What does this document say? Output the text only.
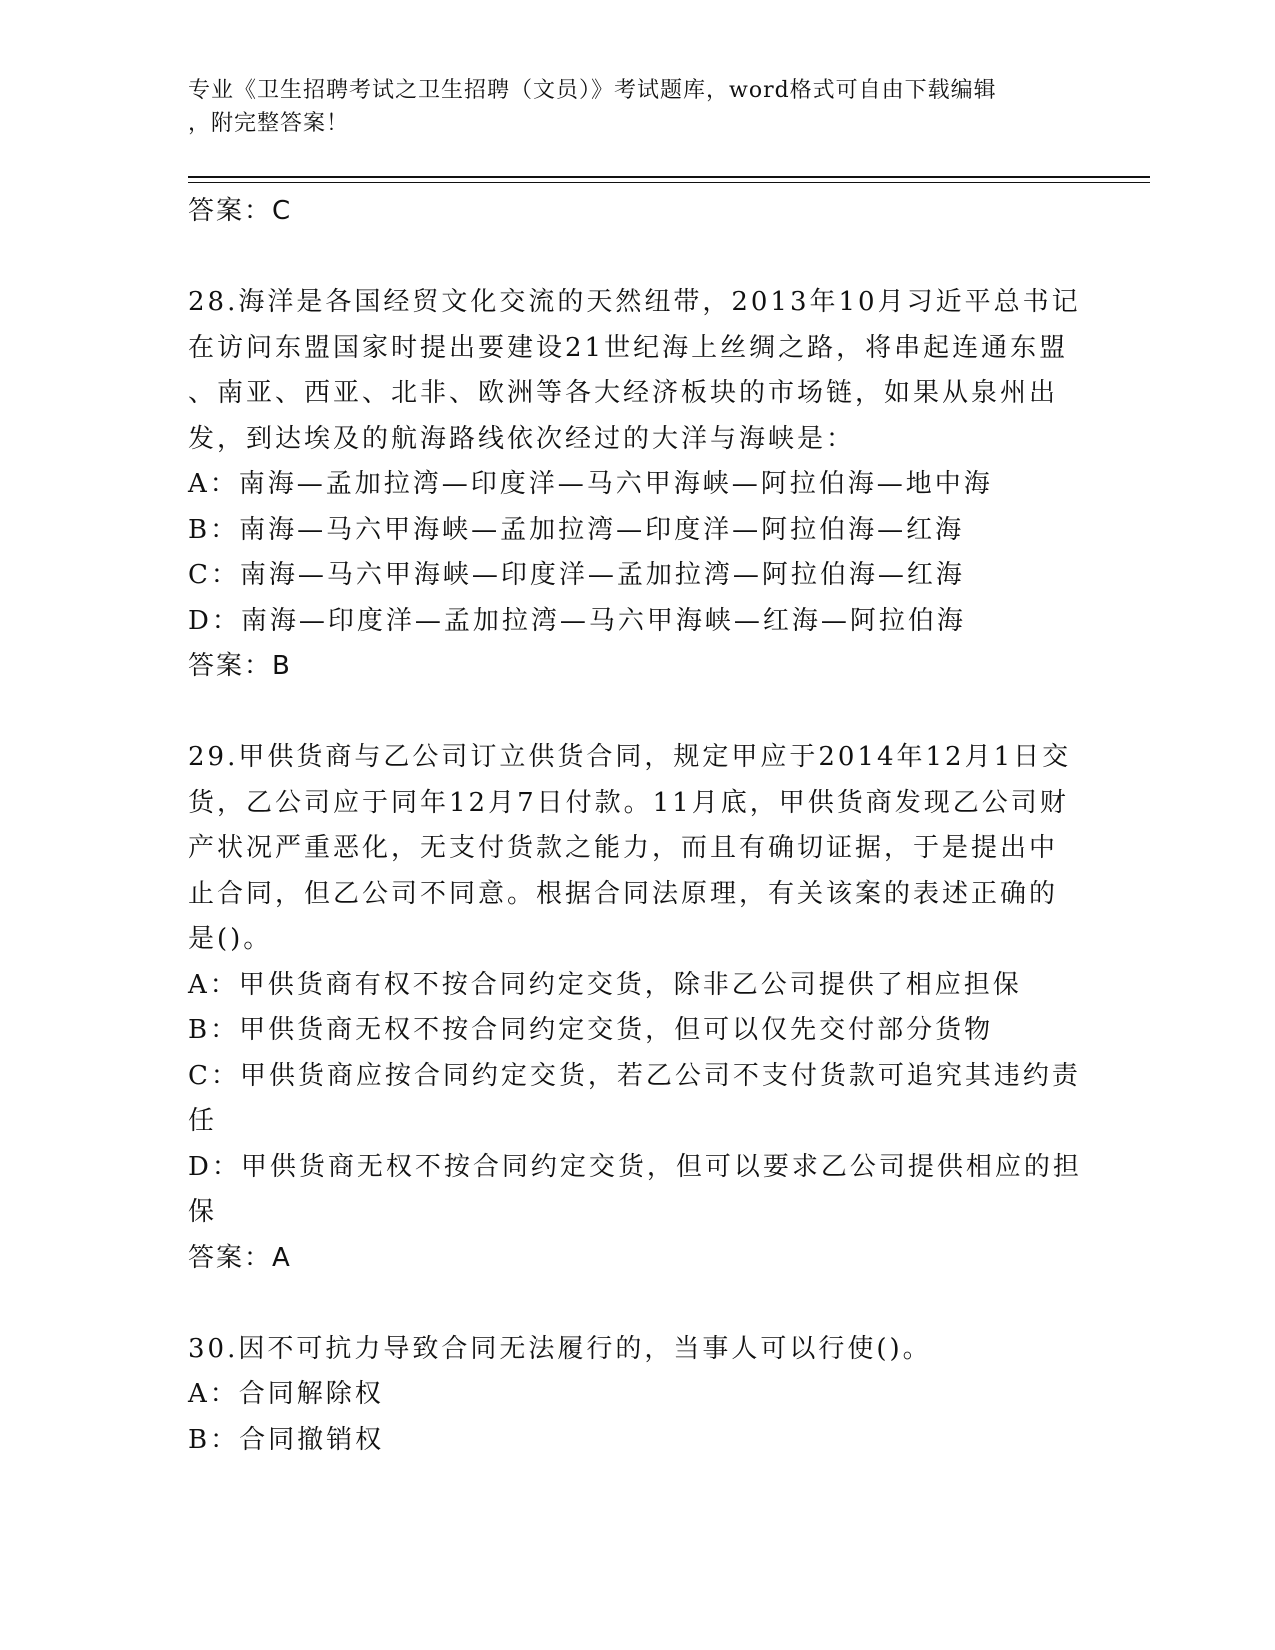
专业《卫生招聘考试之卫生招聘（文员）》考试题库，word格式可自由下载编辑
，附完整答案！
答案：C
28.海洋是各国经贸文化交流的天然纽带，2013年10月习近平总书记
在访问东盟国家时提出要建设21世纪海上丝绸之路，将串起连通东盟
、南亚、西亚、北非、欧洲等各大经济板块的市场链，如果从泉州出
发，到达埃及的航海路线依次经过的大洋与海峡是：
A：南海—孟加拉湾—印度洋—马六甲海峡—阿拉伯海—地中海
B：南海—马六甲海峡—孟加拉湾—印度洋—阿拉伯海—红海
C：南海—马六甲海峡—印度洋—孟加拉湾—阿拉伯海—红海
D：南海—印度洋—孟加拉湾—马六甲海峡—红海—阿拉伯海
答案：B
29.甲供货商与乙公司订立供货合同，规定甲应于2014年12月1日交
货，乙公司应于同年12月7日付款。11月底，甲供货商发现乙公司财
产状况严重恶化，无支付货款之能力，而且有确切证据，于是提出中
止合同，但乙公司不同意。根据合同法原理，有关该案的表述正确的
是()。
A：甲供货商有权不按合同约定交货，除非乙公司提供了相应担保
B：甲供货商无权不按合同约定交货，但可以仅先交付部分货物
C：甲供货商应按合同约定交货，若乙公司不支付货款可追究其违约责
任
D：甲供货商无权不按合同约定交货，但可以要求乙公司提供相应的担
保
答案：A
30.因不可抗力导致合同无法履行的，当事人可以行使()。
A：合同解除权
B：合同撤销权
